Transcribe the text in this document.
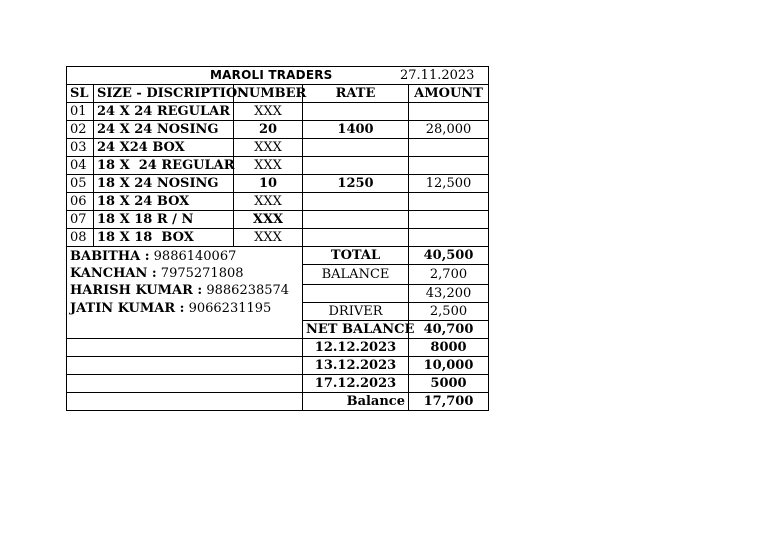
MAROLI TRADERS 27.11.2023				

SL	SIZE - DISCRIPTION	NUMBER	RATE	AMOUNT
01	24 X 24 REGULAR	XXX		
02	24 X 24 NOSING	20	1400	28,000
03	24 X24 BOX	XXX		
04	18 X  24 REGULAR	XXX		
05	18 X 24 NOSING	10	1250	12,500
06	18 X 24 BOX	XXX		
07	18 X 18 R / N	XXX		
08	18 X 18  BOX	XXX		

BABITHA : 9886140067
KANCHAN : 7975271808
HARISH KUMAR : 9886238574
JATIN KUMAR : 9066231195			TOTAL	40,500
			BALANCE	2,700
				43,200
			DRIVER	2,500
			NET BALANCE	40,700
			12.12.2023	8000
			13.12.2023	10,000
			17.12.2023	5000
			Balance	17,700
